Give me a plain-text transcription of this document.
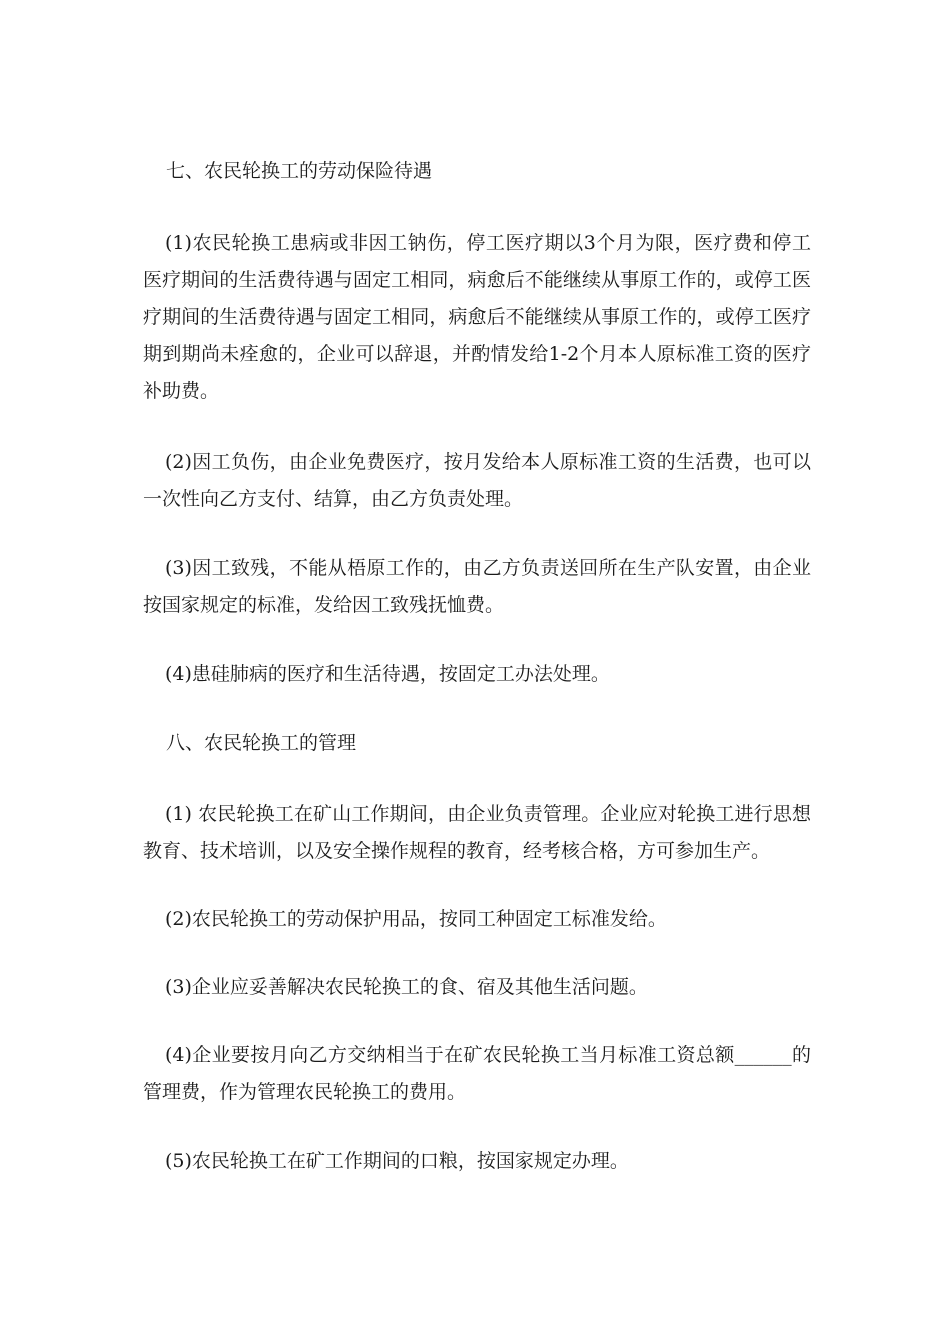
七、农民轮换工的劳动保险待遇

(1)农民轮换工患病或非因工钠伤，停工医疗期以3个月为限，医疗费和停工医疗期间的生活费待遇与固定工相同，病愈后不能继续从事原工作的，或停工医疗期间的生活费待遇与固定工相同，病愈后不能继续从事原工作的，或停工医疗期到期尚未痊愈的，企业可以辞退，并酌情发给1-2个月本人原标准工资的医疗补助费。

(2)因工负伤，由企业免费医疗，按月发给本人原标准工资的生活费，也可以一次性向乙方支付、结算，由乙方负责处理。

(3)因工致残，不能从梧原工作的，由乙方负责送回所在生产队安置，由企业按国家规定的标准，发给因工致残抚恤费。

(4)患硅肺病的医疗和生活待遇，按固定工办法处理。

八、农民轮换工的管理

(1) 农民轮换工在矿山工作期间，由企业负责管理。企业应对轮换工进行思想教育、技术培训，以及安全操作规程的教育，经考核合格，方可参加生产。

(2)农民轮换工的劳动保护用品，按同工种固定工标准发给。

(3)企业应妥善解决农民轮换工的食、宿及其他生活问题。

(4)企业要按月向乙方交纳相当于在矿农民轮换工当月标准工资总额______的管理费，作为管理农民轮换工的费用。

(5)农民轮换工在矿工作期间的口粮，按国家规定办理。
